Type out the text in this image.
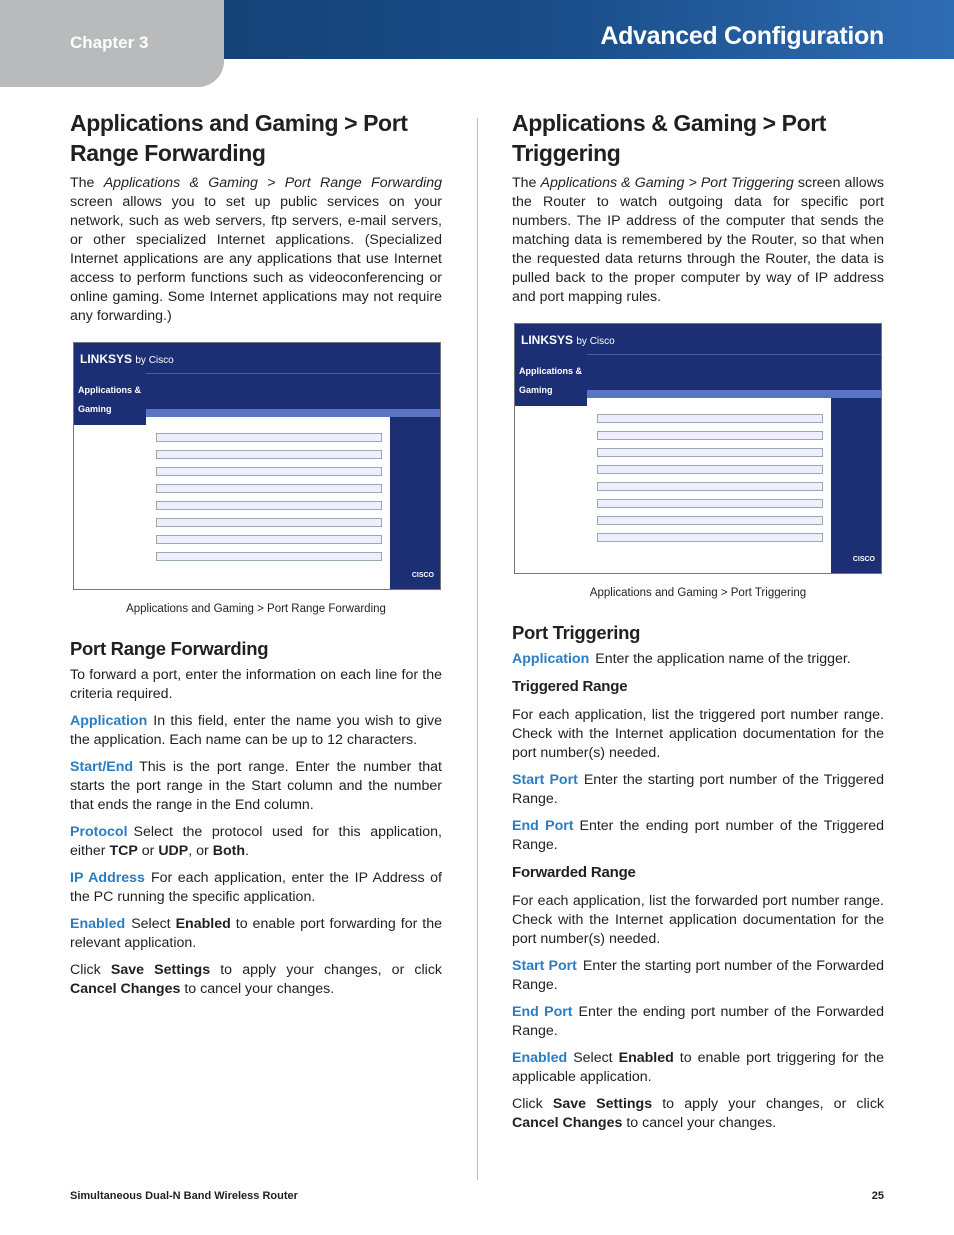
Chapter 3	Advanced Configuration
Applications and Gaming > Port Range Forwarding

The Applications & Gaming > Port Range Forwarding screen allows you to set up public services on your network, such as web servers, ftp servers, e-mail servers, or other specialized Internet applications. (Specialized Internet applications are any applications that use Internet access to perform functions such as videoconferencing or online gaming. Some Internet applications may not require any forwarding.)

LINKSYS by Cisco
Applications & Gaming
CISCO

Applications and Gaming > Port Range Forwarding

Port Range Forwarding

To forward a port, enter the information on each line for the criteria required.

Application In this field, enter the name you wish to give the application. Each name can be up to 12 characters.

Start/End This is the port range. Enter the number that starts the port range in the Start column and the number that ends the range in the End column.

Protocol Select the protocol used for this application, either TCP or UDP, or Both.

IP Address For each application, enter the IP Address of the PC running the specific application.

Enabled Select Enabled to enable port forwarding for the relevant application.

Click Save Settings to apply your changes, or click Cancel Changes to cancel your changes.

Applications & Gaming > Port Triggering

The Applications & Gaming > Port Triggering screen allows the Router to watch outgoing data for specific port numbers. The IP address of the computer that sends the matching data is remembered by the Router, so that when the requested data returns through the Router, the data is pulled back to the proper computer by way of IP address and port mapping rules.

LINKSYS by Cisco
Applications & Gaming
CISCO

Applications and Gaming > Port Triggering

Port Triggering

Application Enter the application name of the trigger.

Triggered Range

For each application, list the triggered port number range. Check with the Internet application documentation for the port number(s) needed.

Start Port Enter the starting port number of the Triggered Range.

End Port Enter the ending port number of the Triggered Range.

Forwarded Range

For each application, list the forwarded port number range. Check with the Internet application documentation for the port number(s) needed.

Start Port Enter the starting port number of the Forwarded Range.

End Port Enter the ending port number of the Forwarded Range.

Enabled Select Enabled to enable port triggering for the applicable application.

Click Save Settings to apply your changes, or click Cancel Changes to cancel your changes.

Simultaneous Dual-N Band Wireless Router	25
